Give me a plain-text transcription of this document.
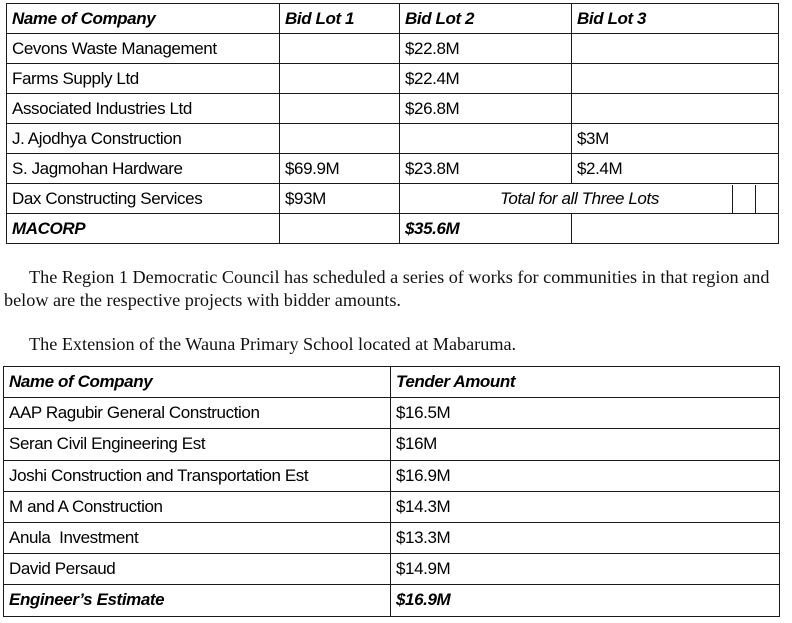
Name of Company	Bid Lot 1	Bid Lot 2	Bid Lot 3
Cevons Waste Management		$22.8M	
Farms Supply Ltd		$22.4M	
Associated Industries Ltd		$26.8M	
J. Ajodhya Construction			$3M
S. Jagmohan Hardware	$69.9M	$23.8M	$2.4M
Dax Constructing Services	$93M	Total for all Three Lots	

MACORP		$35.6M	

The Region 1 Democratic Council has scheduled a series of works for communities in that region and below are the respective projects with bidder amounts.

The Extension of the Wauna Primary School located at Mabaruma.

Name of Company	Tender Amount
AAP Ragubir General Construction	$16.5M
Seran Civil Engineering Est	$16M
Joshi Construction and Transportation Est	$16.9M
M and A Construction	$14.3M
Anula  Investment	$13.3M
David Persaud	$14.9M
Engineer’s Estimate	$16.9M
